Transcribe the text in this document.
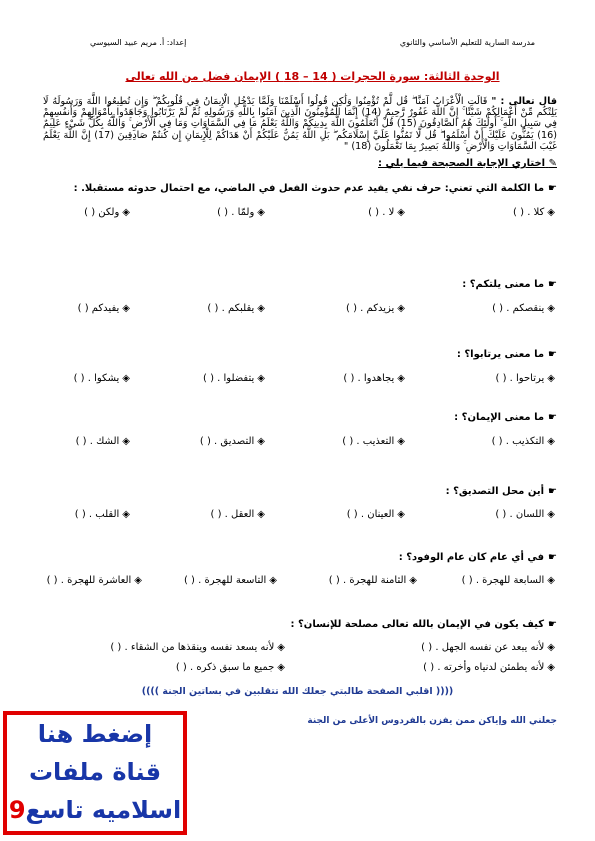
مدرسة السارية للتعليم الأساسي والثانوي
إعداد: أ. مريم عبيد السيوسي
الوحدة الثالثة: سورة الحجرات ( 14 – 18 ) الإيمان فضل من الله تعالى
قال تعالى : " قَالَتِ الْأَعْرَابُ آمَنَّا ۖ قُل لَّمْ تُؤْمِنُوا وَلَٰكِن قُولُوا أَسْلَمْنَا وَلَمَّا يَدْخُلِ الْإِيمَانُ فِي قُلُوبِكُمْ ۖ وَإِن تُطِيعُوا اللَّهَ وَرَسُولَهُ لَا يَلِتْكُم مِّنْ أَعْمَالِكُمْ شَيْئًا ۚ إِنَّ اللَّهَ غَفُورٌ رَّحِيمٌ (14) إِنَّمَا الْمُؤْمِنُونَ الَّذِينَ آمَنُوا بِاللَّهِ وَرَسُولِهِ ثُمَّ لَمْ يَرْتَابُوا وَجَاهَدُوا بِأَمْوَالِهِمْ وَأَنفُسِهِمْ فِي سَبِيلِ اللَّهِ ۚ أُولَٰئِكَ هُمُ الصَّادِقُونَ (15) قُلْ أَتُعَلِّمُونَ اللَّهَ بِدِينِكُمْ وَاللَّهُ يَعْلَمُ مَا فِي السَّمَاوَاتِ وَمَا فِي الْأَرْضِ ۚ وَاللَّهُ بِكُلِّ شَيْءٍ عَلِيمٌ (16) يَمُنُّونَ عَلَيْكَ أَنْ أَسْلَمُوا ۖ قُل لَّا تَمُنُّوا عَلَيَّ إِسْلَامَكُم ۖ بَلِ اللَّهُ يَمُنُّ عَلَيْكُمْ أَنْ هَدَاكُمْ لِلْإِيمَانِ إِن كُنتُمْ صَادِقِينَ (17) إِنَّ اللَّهَ يَعْلَمُ غَيْبَ السَّمَاوَاتِ وَالْأَرْضِ ۚ وَاللَّهُ بَصِيرٌ بِمَا تَعْمَلُونَ (18) "
✎ اختاري الإجابة الصحيحة فيما يلي :
☛ما الكلمة التي تعني: حرف نفي يفيد عدم حدوث الفعل في الماضي، مع احتمال حدوثه مستقبلا. :
◈كلا . ( )
◈لا . ( )
◈ولمّا . ( )
◈ولكن ( )
☛ما معنى يلتكم؟ :
◈ينقصكم . ( )
◈يزيدكم . ( )
◈يقلبكم . ( )
◈يفيدكم ( )
☛ما معنى يرتابوا؟ :
◈يرتاحوا . ( )
◈يجاهدوا . ( )
◈يتفضلوا . ( )
◈يشكوا . ( )
☛ما معنى الإيمان؟ :
◈التكذيب . ( )
◈التعذيب . ( )
◈التصديق . ( )
◈الشك . ( )
☛أين محل التصديق؟ :
◈اللسان . ( )
◈العينان . ( )
◈العقل . ( )
◈القلب . ( )
☛في أي عام كان عام الوفود؟ :
◈السابعة للهجرة . ( )
◈الثامنة للهجرة . ( )
◈التاسعة للهجرة . ( )
◈العاشرة للهجرة . ( )
☛كيف يكون في الإيمان بالله تعالى مصلحة للإنسان؟ :
◈لأنه يبعد عن نفسه الجهل . ( )
◈لأنه يسعد نفسه وينقذها من الشقاء . ( )
◈لأنه يطمئن لدنياه وأخرته . ( )
◈جميع ما سبق ذكره . ( )
(((( اقلبي الصفحة طالبتي جعلك الله تتقلبين في بساتين الجنة ))))
جعلني الله وإياكن ممن يفزن بالفردوس الأعلى من الجنة
إضغط هنا
قناة ملفات
اسلاميه تاسع9
